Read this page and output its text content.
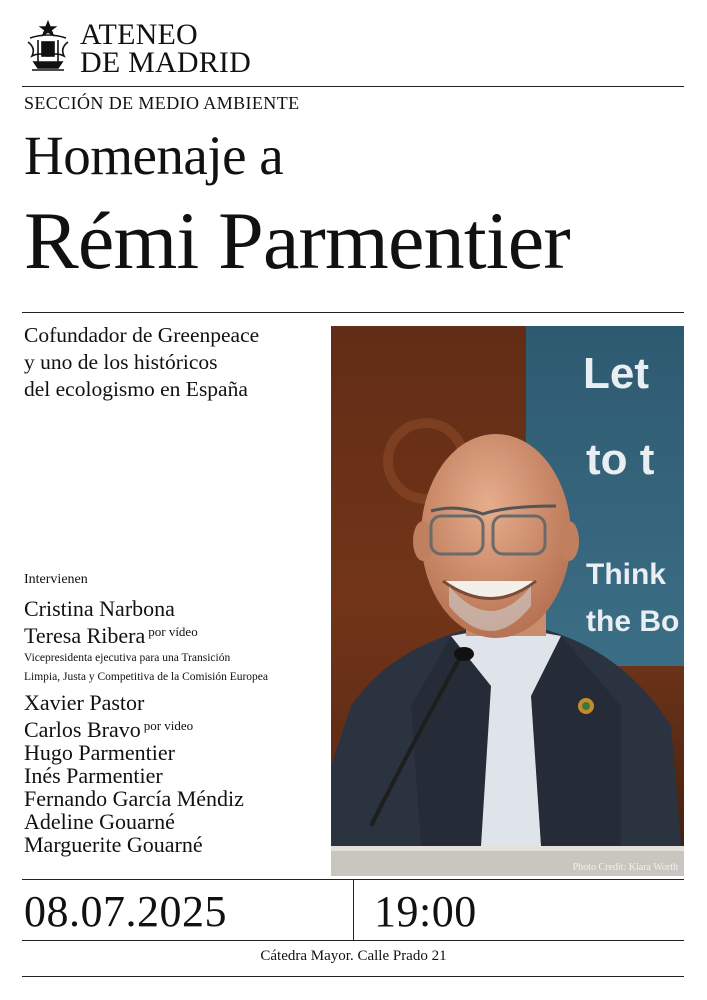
ATENEO
DE MADRID
SECCIÓN DE MEDIO AMBIENTE
Homenaje a
Rémi Parmentier
Cofundador de Greenpeace
y uno de los históricos
del ecologismo en España
Intervienen
Cristina Narbona
Teresa Ribera $^{por vídeo}$
Vicepresidenta ejecutiva para una Transición
Limpia, Justa y Competitiva de la Comisión Europea
Xavier Pastor
Carlos Bravo $^{por video}$
Hugo Parmentier
Inés Parmentier
Fernando García Méndiz
Adeline Gouarné
Marguerite Gouarné
Let
to t
Think
the Bo
Photo Credit: Kiara Worth
08.07.2025	19:00
Cátedra Mayor. Calle Prado 21
